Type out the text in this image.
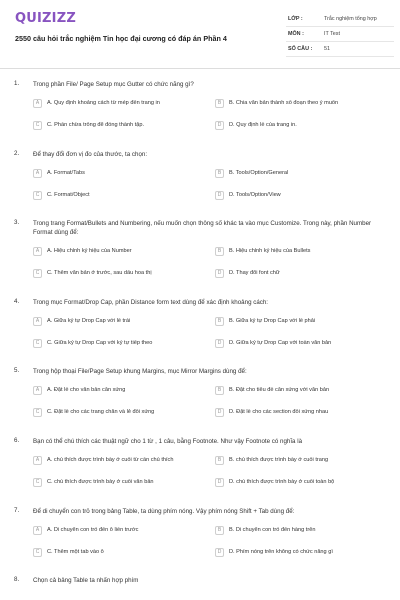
QUIZIZZ
2550 câu hỏi trắc nghiệm Tin học đại cương có đáp án Phần 4
LỚP :	Trắc nghiệm tổng hợp
MÔN :	IT Test
SỐ CÂU : 51
1. Trong phần File/ Page Setup mục Gutter có chức năng gì?
A	A. Quy định khoảng cách từ mép đến trang in	B	B. Chia văn bản thành số đoạn theo ý muốn
C	C. Phần chừa trống để đóng thành tập.	D	D. Quy định lề của trang in.
2. Để thay đổi đơn vị đo của thước, ta chọn:
A	A. Format/Tabs	B	B. Tools/Option/General
C	C. Format/Object	D	D. Tools/Option/View
3. Trong trang Format/Bullets and Numbering, nếu muốn chọn thông số khác ta vào mục Customize. Trong này, phần Number Format dùng để:
A	A. Hiệu chỉnh ký hiệu của Number	B	B. Hiệu chỉnh ký hiệu của Bullets
C	C. Thêm văn bản ở trước, sau dấu hoa thị	D	D. Thay đổi font chữ
4. Trong mục Format/Drop Cap, phần Distance form text dùng để xác định khoảng cách:
A	A. Giữa ký tự Drop Cap với lề trái	B	B. Giữa ký tự Drop Cap với lề phải
C	C. Giữa ký tự Drop Cap với ký tự tiếp theo	D	D. Giữa ký tự Drop Cap với toàn văn bản
5. Trong hộp thoại File/Page Setup khung Margins, mục Mirror Margins dùng để:
A	A. Đặt lề cho văn bản cân xứng	B	B. Đặt cho tiêu đề cân xứng với văn bản
C	C. Đặt lề cho các trang chẵn và lẻ đối xứng	D	D. Đặt lề cho các section đối xứng nhau
6. Bạn có thể chú thích các thuật ngữ cho 1 từ , 1 câu, bằng Footnote. Như vậy Footnote có nghĩa là
A	A. chú thích được trình bày ở cuối từ cần chú thích	B	B. chú thích được trình bày ở cuối trang
C	C. chú thích được trình bày ở cuối văn bản	D	D. chú thích được trình bày ở cuối toàn bộ
7. Để di chuyển con trỏ trong bảng Table, ta dùng phím nóng. Vậy phím nóng Shift + Tab dùng để:
A	A. Di chuyển con trỏ đến ô liền trước	B	B. Di chuyển con trỏ đến hàng trên
C	C. Thêm một tab vào ô	D	D. Phím nóng trên không có chức năng gì
8. Chọn cả bảng Table ta nhấn hợp phím
